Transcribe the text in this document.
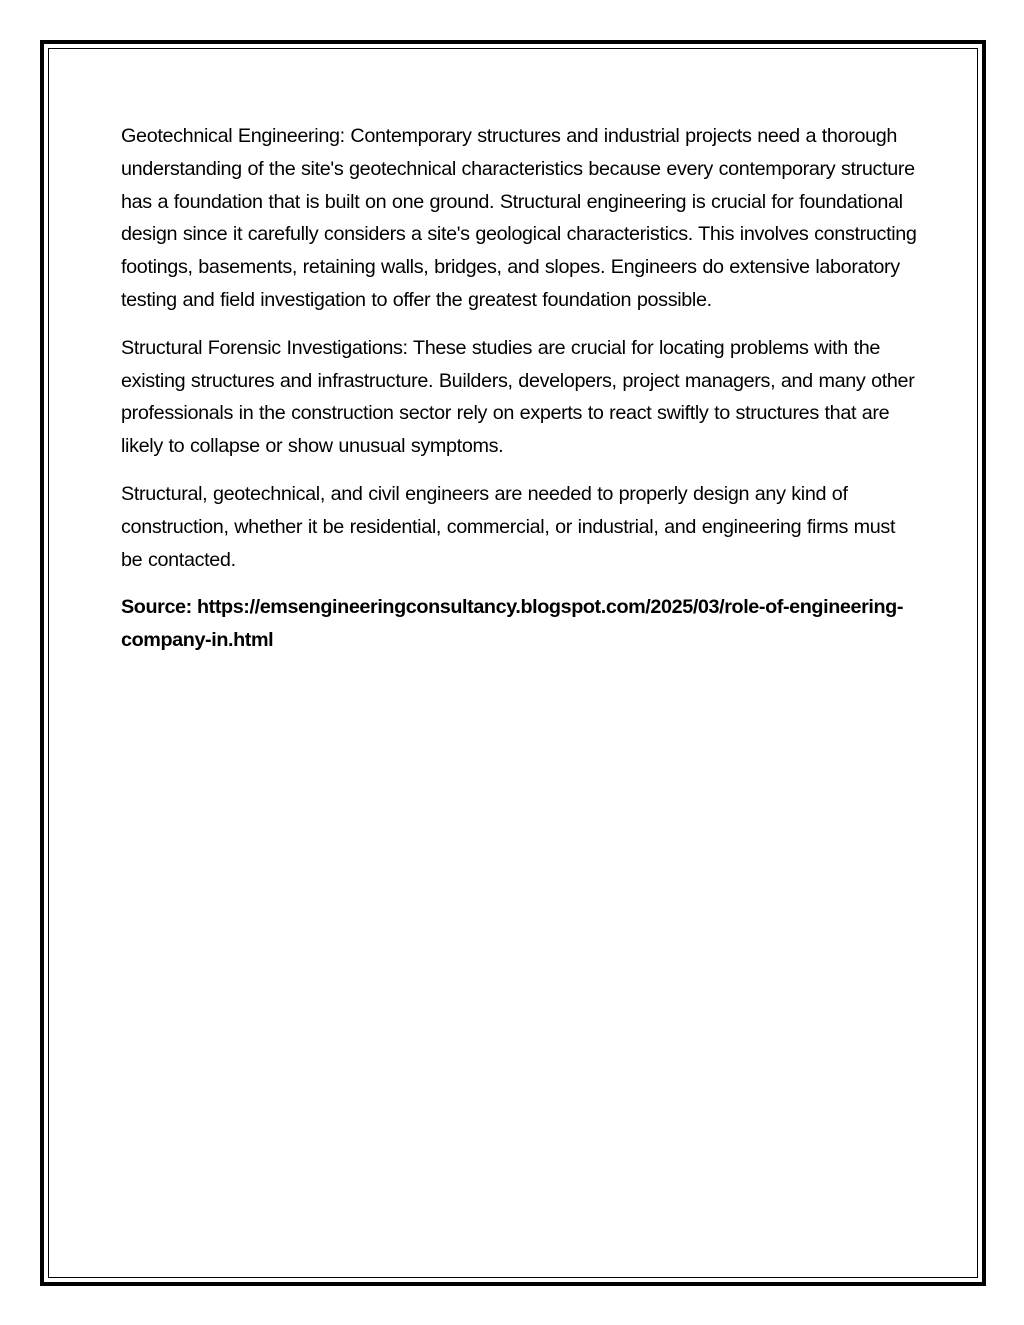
Geotechnical Engineering: Contemporary structures and industrial projects need a thorough understanding of the site's geotechnical characteristics because every contemporary structure has a foundation that is built on one ground. Structural engineering is crucial for foundational design since it carefully considers a site's geological characteristics. This involves constructing footings, basements, retaining walls, bridges, and slopes. Engineers do extensive laboratory testing and field investigation to offer the greatest foundation possible.

Structural Forensic Investigations: These studies are crucial for locating problems with the existing structures and infrastructure. Builders, developers, project managers, and many other professionals in the construction sector rely on experts to react swiftly to structures that are likely to collapse or show unusual symptoms.

Structural, geotechnical, and civil engineers are needed to properly design any kind of construction, whether it be residential, commercial, or industrial, and engineering firms must be contacted.

Source: https://emsengineeringconsultancy.blogspot.com/2025/03/role-of-engineering-company-in.html
